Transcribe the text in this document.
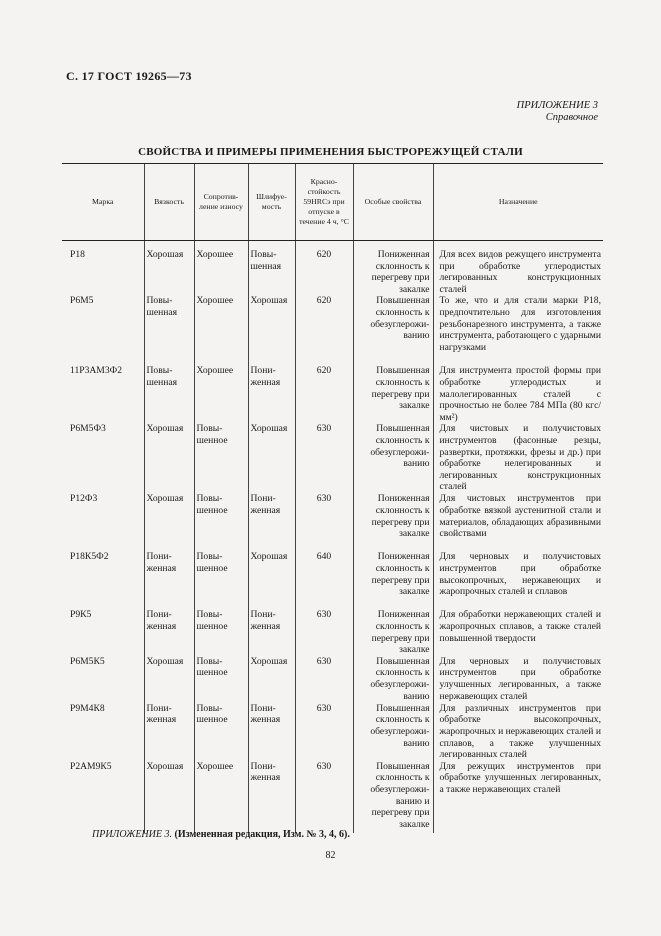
С. 17 ГОСТ 19265—73
ПРИЛОЖЕНИЕ 3
Справочное
СВОЙСТВА И ПРИМЕРЫ ПРИМЕНЕНИЯ БЫСТРОРЕЖУЩЕЙ СТАЛИ
Марка	Вязкость	Сопротив-ление износу	Шлифуе-мость	Красно-стойкость 59HRCэ при отпуске в течение 4 ч, °С	Особые свойства	Назначение
Р18	Хорошая	Хорошее	Повы-шенная	620	Пониженная склонность к перегреву при закалке	Для всех видов режущего инструмента при обработке углеродистых легированных конструкционных сталей
Р6М5	Повы-шенная	Хорошее	Хорошая	620	Повышенная склонность к обезуглерожи-ванию	То же, что и для стали марки Р18, предпочтительно для изготовления резьбонарезного инструмента, а также инструмента, работающего с ударными нагрузками
11Р3АМ3Ф2	Повы-шенная	Хорошее	Пони-женная	620	Повышенная склонность к перегреву при закалке	Для инструмента простой формы при обработке углеродистых и малолегированных сталей с прочностью не более 784 МПа (80 кгс/мм²)
Р6М5Ф3	Хорошая	Повы-шенное	Хорошая	630	Повышенная склонность к обезуглерожи-ванию	Для чистовых и получистовых инструментов (фасонные резцы, развертки, протяжки, фрезы и др.) при обработке нелегированных и легированных конструкционных сталей
Р12Ф3	Хорошая	Повы-шенное	Пони-женная	630	Пониженная склонность к перегреву при закалке	Для чистовых инструментов при обработке вязкой аустенитной стали и материалов, обладающих абразивными свойствами
Р18К5Ф2	Пони-женная	Повы-шенное	Хорошая	640	Пониженная склонность к перегреву при закалке	Для черновых и получистовых инструментов при обработке высокопрочных, нержавеющих и жаропрочных сталей и сплавов
Р9К5	Пони-женная	Повы-шенное	Пони-женная	630	Пониженная склонность к перегреву при закалке	Для обработки нержавеющих сталей и жаропрочных сплавов, а также сталей повышенной твердости
Р6М5К5	Хорошая	Повы-шенное	Хорошая	630	Повышенная склонность к обезуглерожи-ванию	Для черновых и получистовых инструментов при обработке улучшенных легированных, а также нержавеющих сталей
Р9М4К8	Пони-женная	Повы-шенное	Пони-женная	630	Повышенная склонность к обезуглерожи-ванию	Для различных инструментов при обработке высокопрочных, жаропрочных и нержавеющих сталей и сплавов, а также улучшенных легированных сталей
Р2АМ9К5	Хорошая	Хорошее	Пони-женная	630	Повышенная склонность к обезуглерожи-ванию и перегреву при закалке	Для режущих инструментов при обработке улучшенных легированных, а также нержавеющих сталей
ПРИЛОЖЕНИЕ 3. (Измененная редакция, Изм. № 3, 4, 6).
82
